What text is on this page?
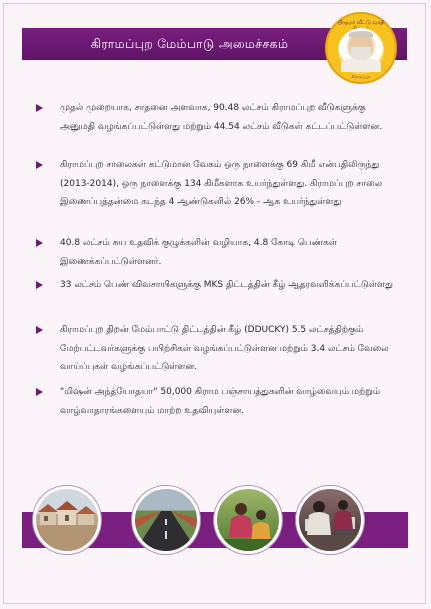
கிராமப்புற மேம்பாடு அமைச்சகம்
பிரதமர் வீட்டு வசதி
கிராமப்புற
முதல் முறையாக, சாதனை அளவாக, 90.48 லட்சம் கிராமப்புற வீடுகளுக்கு அனுமதி வழங்கப்பட்டுள்ளது மற்றும் 44.54 லட்சம் வீடுகள் கட்டப்பட்டுள்ளன.
கிராமப்புற சாலைகள் கட்டுமான வேகம் ஒரு நாளைக்கு 69 கிமீ என்பதிலிருந்து (2013-2014), ஒரு நாளைக்கு 134 கிமீகளாக உயர்ந்துள்ளது. கிராமப்புற சாலை இணைப்புத்தன்மை கடந்த 4 ஆண்டுகளில் 26% - ஆக உயர்ந்துள்ளது
40.8 லட்சம் சுய உதவிக் குழுக்களின் வழியாக, 4.8 கோடி பெண்கள் இணைக்கப்பட்டுள்ளனர்.
33 லட்சம் பெண் விவசாயிகளுக்கு MKS திட்டத்தின் கீழ் ஆதரவளிக்கப்பட்டுள்ளது
கிராமப்புற திறன் மேம்பாட்டு திட்டத்தின் கீழ் (DDUCKY) 5.5 லட்சத்திற்கும் மேற்பட்டவர்களுக்கு பயிற்சிகள் வழங்கப்பட்டுள்ளன மற்றும் 3.4 லட்சம் வேலை வாய்ப்புகள் வழங்கப்பட்டுள்ளன.
"மிஷன் அந்த்யோதயா" 50,000 கிராம பஞ்சாயத்துகளின் வாழ்வையும் மற்றும் வாழ்வாதாரங்களையும் மாற்ற உதவியுள்ளன.
